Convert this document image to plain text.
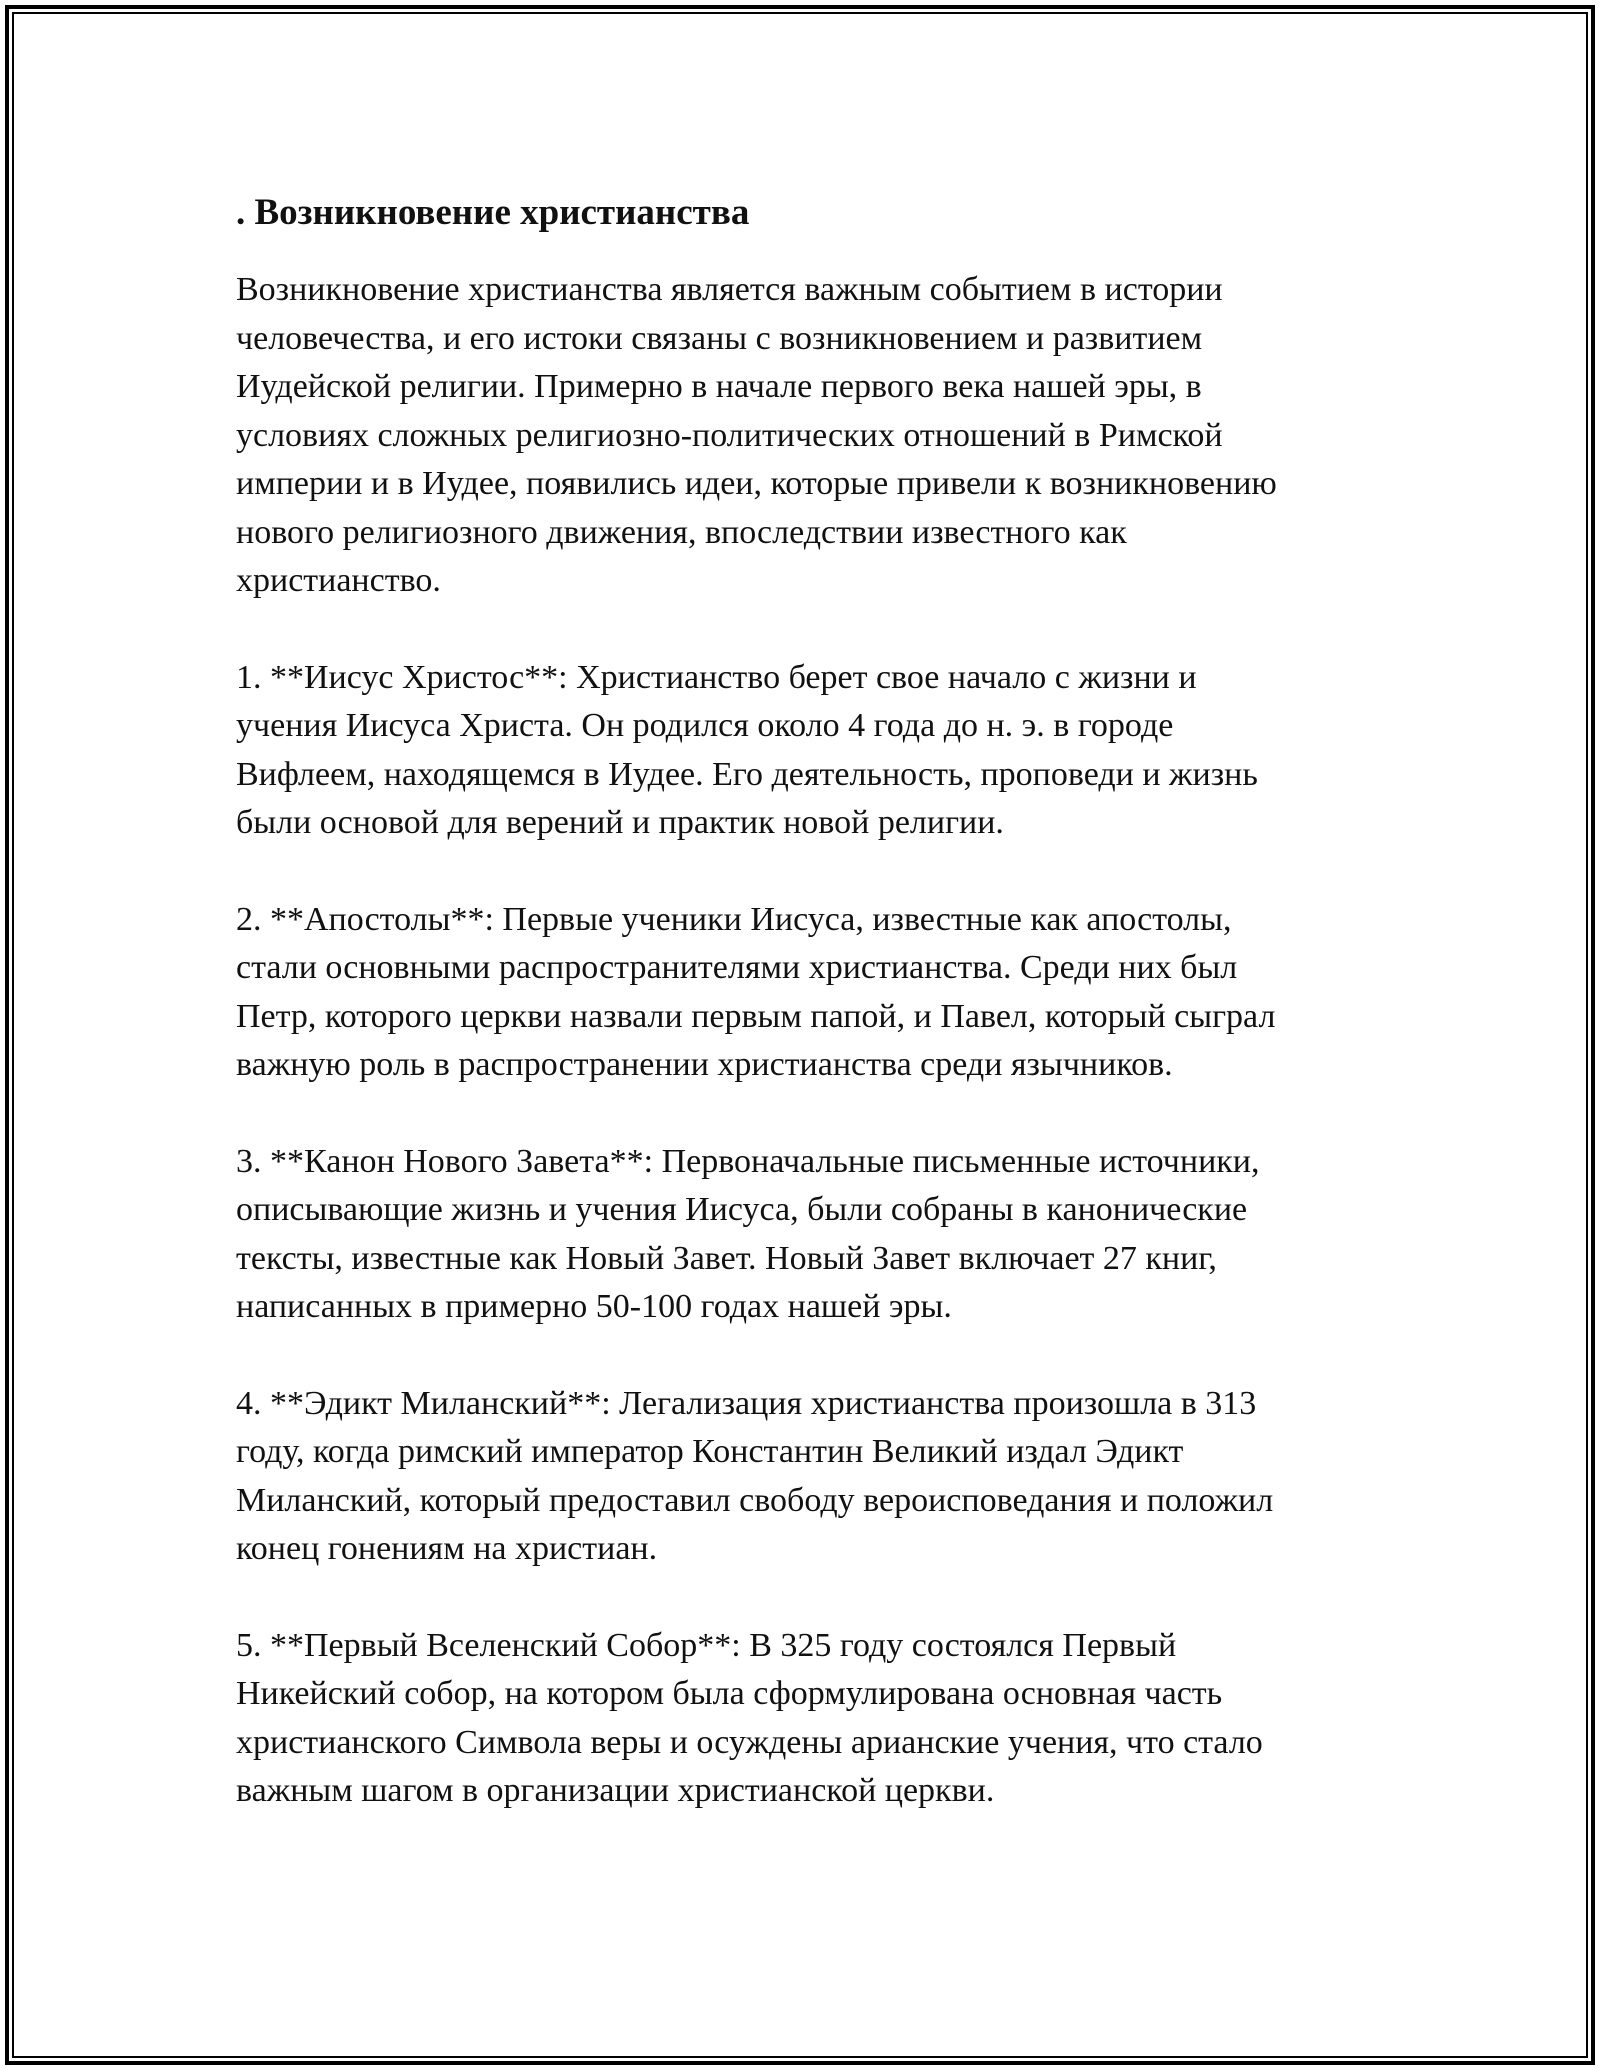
. Возникновение христианства

Возникновение христианства является важным событием в истории
человечества, и его истоки связаны с возникновением и развитием
Иудейской религии. Примерно в начале первого века нашей эры, в
условиях сложных религиозно-политических отношений в Римской
империи и в Иудее, появились идеи, которые привели к возникновению
нового религиозного движения, впоследствии известного как
христианство.

1. **Иисус Христос**: Христианство берет свое начало с жизни и
учения Иисуса Христа. Он родился около 4 года до н. э. в городе
Вифлеем, находящемся в Иудее. Его деятельность, проповеди и жизнь
были основой для верений и практик новой религии.

2. **Апостолы**: Первые ученики Иисуса, известные как апостолы,
стали основными распространителями христианства. Среди них был
Петр, которого церкви назвали первым папой, и Павел, который сыграл
важную роль в распространении христианства среди язычников.

3. **Канон Нового Завета**: Первоначальные письменные источники,
описывающие жизнь и учения Иисуса, были собраны в канонические
тексты, известные как Новый Завет. Новый Завет включает 27 книг,
написанных в примерно 50-100 годах нашей эры.

4. **Эдикт Миланский**: Легализация христианства произошла в 313
году, когда римский император Константин Великий издал Эдикт
Миланский, который предоставил свободу вероисповедания и положил
конец гонениям на христиан.

5. **Первый Вселенский Собор**: В 325 году состоялся Первый
Никейский собор, на котором была сформулирована основная часть
христианского Символа веры и осуждены арианские учения, что стало
важным шагом в организации христианской церкви.
